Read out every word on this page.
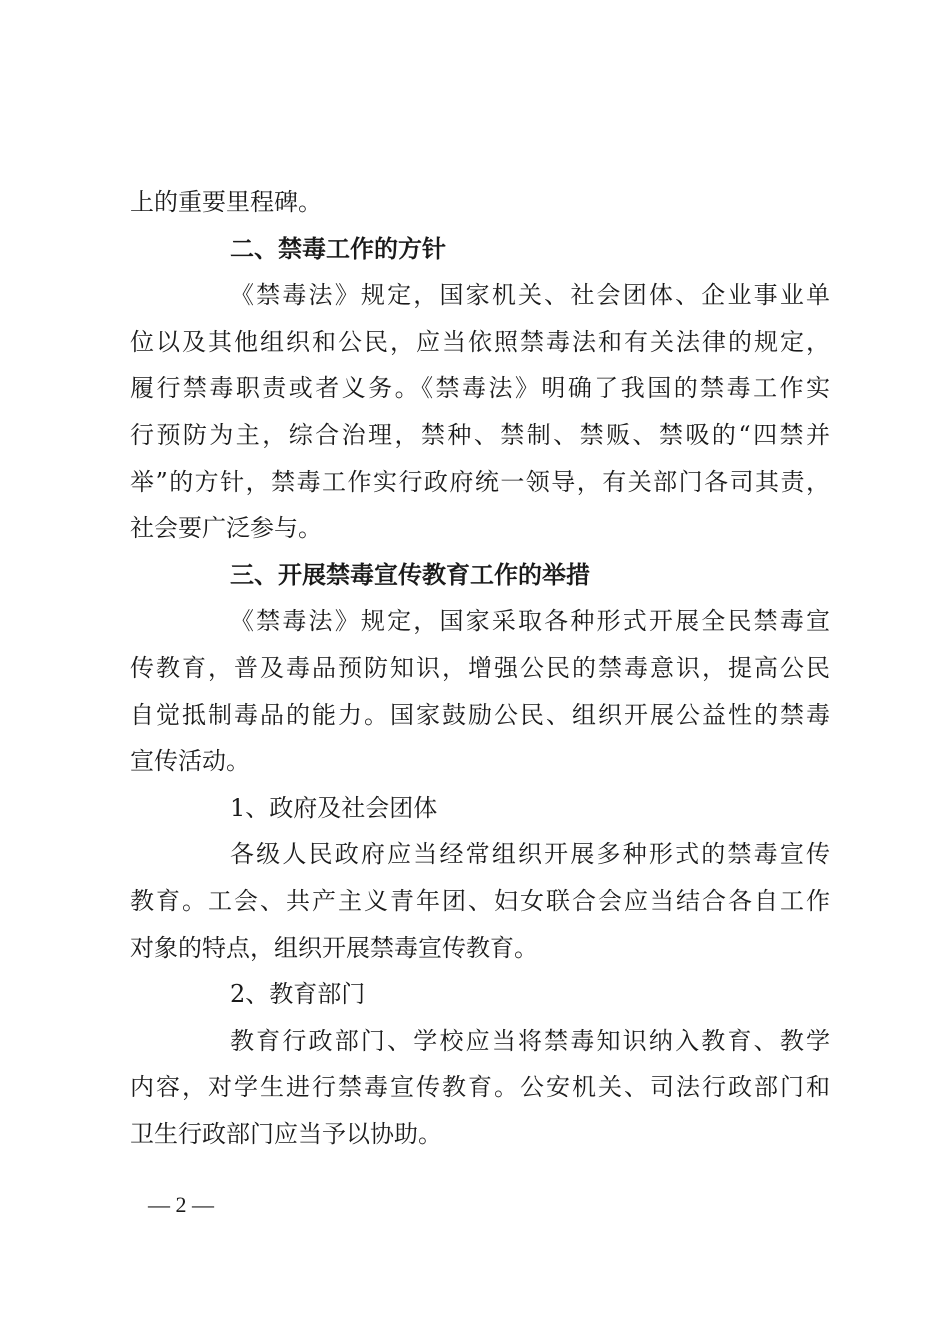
上的重要里程碑。
二、禁毒工作的方针
《禁毒法》规定，国家机关、社会团体、企业事业单
位以及其他组织和公民，应当依照禁毒法和有关法律的规定，
履行禁毒职责或者义务。《禁毒法》明确了我国的禁毒工作实
行预防为主，综合治理，禁种、禁制、禁贩、禁吸的“四禁并
举”的方针，禁毒工作实行政府统一领导，有关部门各司其责，
社会要广泛参与。
三、开展禁毒宣传教育工作的举措
《禁毒法》规定，国家采取各种形式开展全民禁毒宣
传教育，普及毒品预防知识，增强公民的禁毒意识，提高公民
自觉抵制毒品的能力。国家鼓励公民、组织开展公益性的禁毒
宣传活动。
1、政府及社会团体
各级人民政府应当经常组织开展多种形式的禁毒宣传
教育。工会、共产主义青年团、妇女联合会应当结合各自工作
对象的特点，组织开展禁毒宣传教育。
2、教育部门
教育行政部门、学校应当将禁毒知识纳入教育、教学
内容，对学生进行禁毒宣传教育。公安机关、司法行政部门和
卫生行政部门应当予以协助。
— 2 —
